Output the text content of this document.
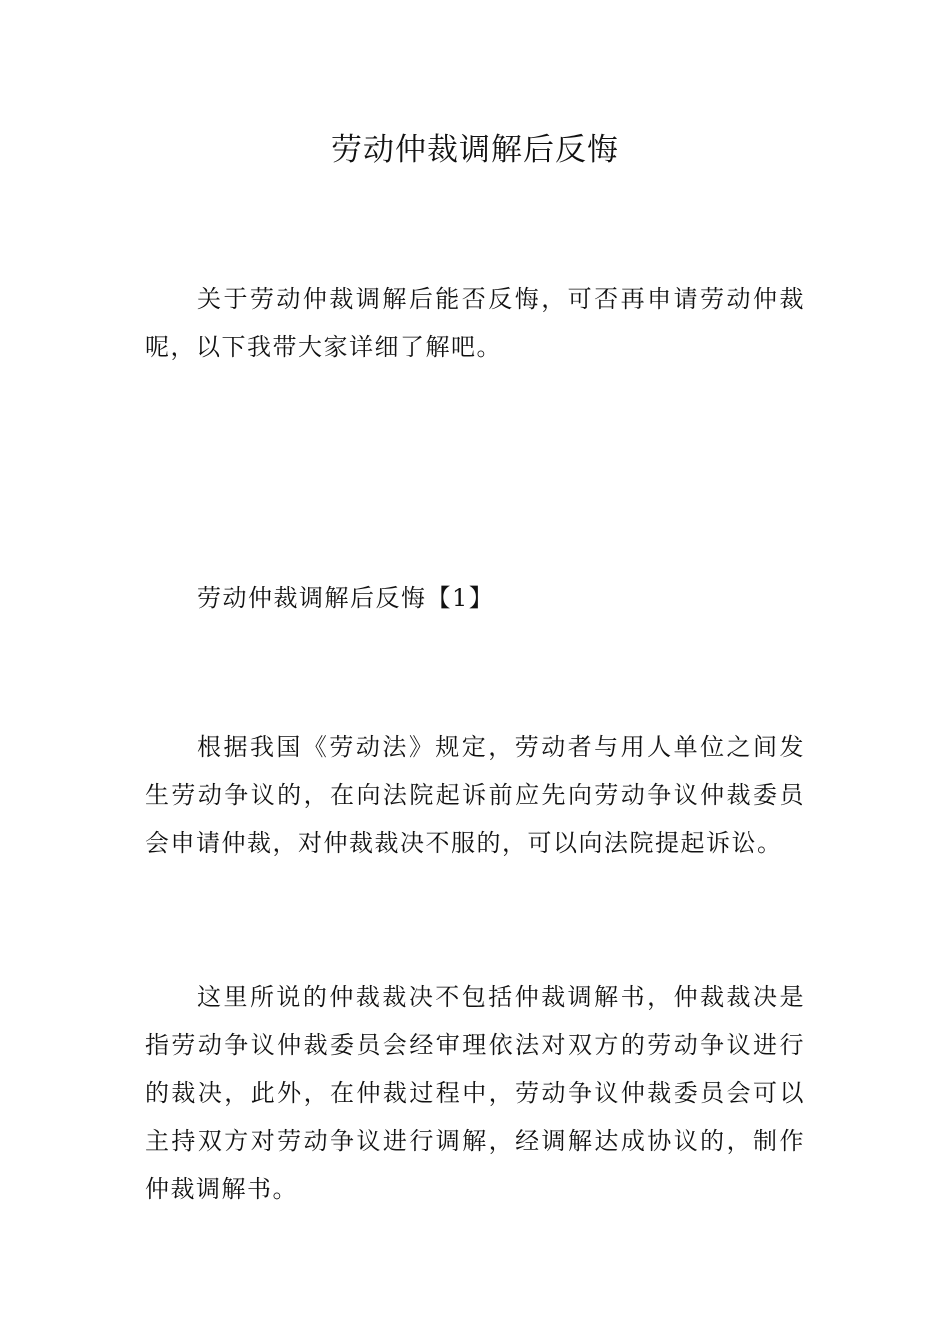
劳动仲裁调解后反悔

关于劳动仲裁调解后能否反悔，可否再申请劳动仲裁呢，以下我带大家详细了解吧。

劳动仲裁调解后反悔【1】

根据我国《劳动法》规定，劳动者与用人单位之间发生劳动争议的，在向法院起诉前应先向劳动争议仲裁委员会申请仲裁，对仲裁裁决不服的，可以向法院提起诉讼。

这里所说的仲裁裁决不包括仲裁调解书，仲裁裁决是指劳动争议仲裁委员会经审理依法对双方的劳动争议进行的裁决，此外，在仲裁过程中，劳动争议仲裁委员会可以主持双方对劳动争议进行调解，经调解达成协议的，制作仲裁调解书。
